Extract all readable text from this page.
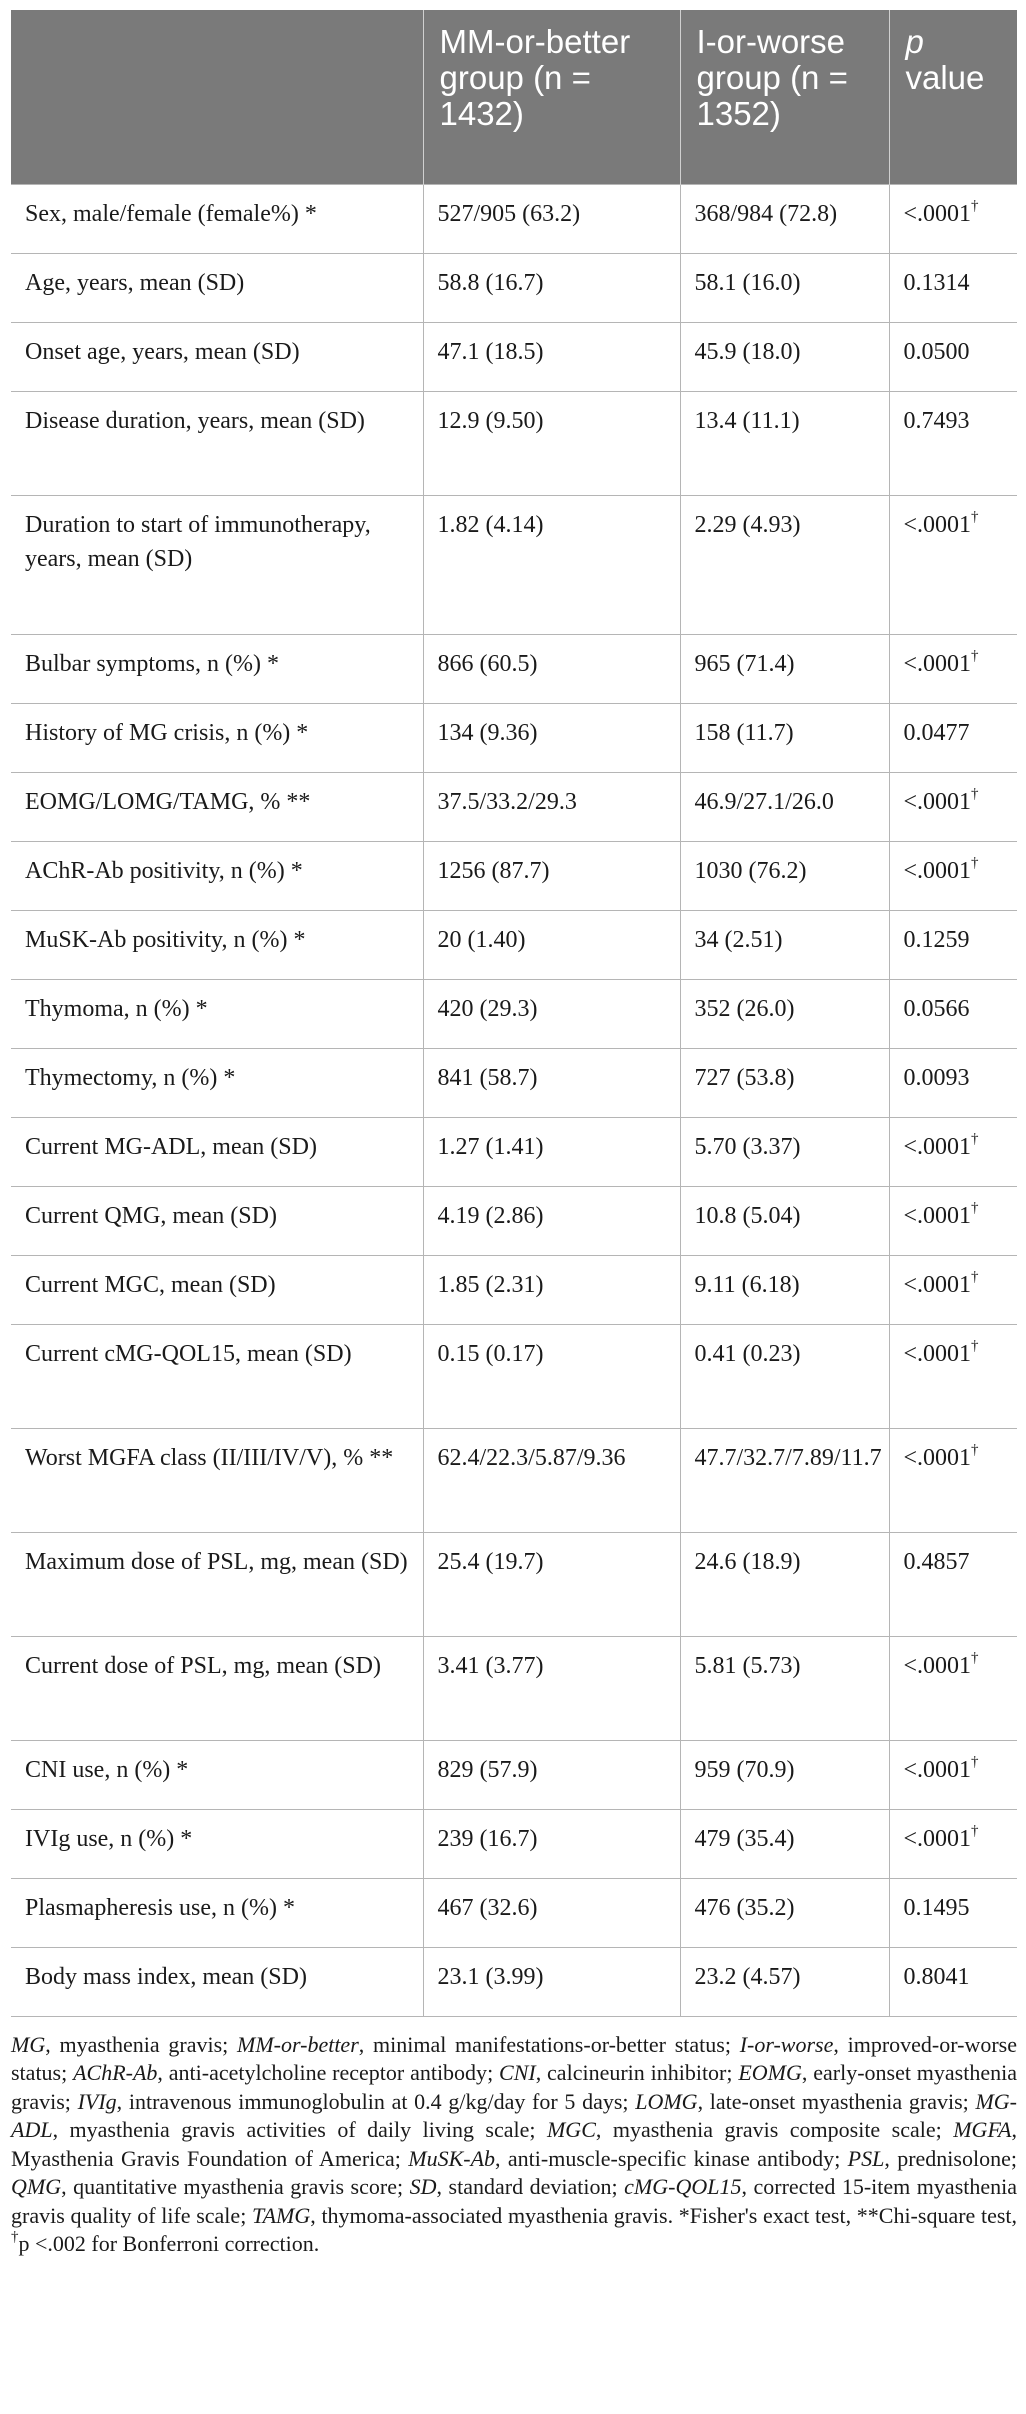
	MM-or-better group (n = 1432)	I-or-worse group (n = 1352)	p value
Sex, male/female (female%) *	527/905 (63.2)	368/984 (72.8)	<.0001†
Age, years, mean (SD)	58.8 (16.7)	58.1 (16.0)	0.1314
Onset age, years, mean (SD)	47.1 (18.5)	45.9 (18.0)	0.0500
Disease duration, years, mean (SD)	12.9 (9.50)	13.4 (11.1)	0.7493
Duration to start of immunotherapy, years, mean (SD)	1.82 (4.14)	2.29 (4.93)	<.0001†
Bulbar symptoms, n (%) *	866 (60.5)	965 (71.4)	<.0001†
History of MG crisis, n (%) *	134 (9.36)	158 (11.7)	0.0477
EOMG/LOMG/TAMG, % **	37.5/33.2/29.3	46.9/27.1/26.0	<.0001†
AChR-Ab positivity, n (%) *	1256 (87.7)	1030 (76.2)	<.0001†
MuSK-Ab positivity, n (%) *	20 (1.40)	34 (2.51)	0.1259
Thymoma, n (%) *	420 (29.3)	352 (26.0)	0.0566
Thymectomy, n (%) *	841 (58.7)	727 (53.8)	0.0093
Current MG-ADL, mean (SD)	1.27 (1.41)	5.70 (3.37)	<.0001†
Current QMG, mean (SD)	4.19 (2.86)	10.8 (5.04)	<.0001†
Current MGC, mean (SD)	1.85 (2.31)	9.11 (6.18)	<.0001†
Current cMG-QOL15, mean (SD)	0.15 (0.17)	0.41 (0.23)	<.0001†
Worst MGFA class (II/III/IV/V), % **	62.4/22.3/5.87/9.36	47.7/32.7/7.89/11.7	<.0001†
Maximum dose of PSL, mg, mean (SD)	25.4 (19.7)	24.6 (18.9)	0.4857
Current dose of PSL, mg, mean (SD)	3.41 (3.77)	5.81 (5.73)	<.0001†
CNI use, n (%) *	829 (57.9)	959 (70.9)	<.0001†
IVIg use, n (%) *	239 (16.7)	479 (35.4)	<.0001†
Plasmapheresis use, n (%) *	467 (32.6)	476 (35.2)	0.1495
Body mass index, mean (SD)	23.1 (3.99)	23.2 (4.57)	0.8041
MG, myasthenia gravis; MM-or-better, minimal manifestations-or-better status; I-or-worse, improved-or-worse status; AChR-Ab, anti-acetylcholine receptor antibody; CNI, calcineurin inhibitor; EOMG, early-onset myasthenia gravis; IVIg, intravenous immunoglobulin at 0.4 g/kg/day for 5 days; LOMG, late-onset myasthenia gravis; MG-ADL, myasthenia gravis activities of daily living scale; MGC, myasthenia gravis composite scale; MGFA, Myasthenia Gravis Foundation of America; MuSK-Ab, anti-muscle-specific kinase antibody; PSL, prednisolone; QMG, quantitative myasthenia gravis score; SD, standard deviation; cMG-QOL15, corrected 15-item myasthenia gravis quality of life scale; TAMG, thymoma-associated myasthenia gravis. *Fisher's exact test, **Chi-square test, †p <.002 for Bonferroni correction.
